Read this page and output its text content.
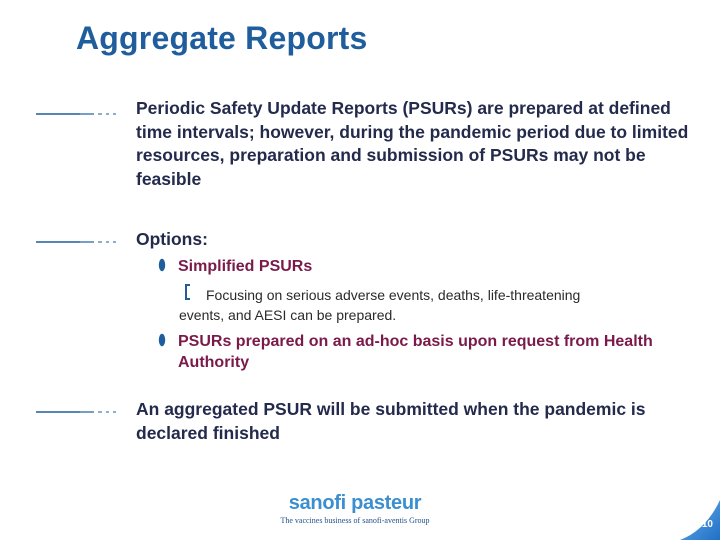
Aggregate Reports

Periodic Safety Update Reports (PSURs) are prepared at defined time intervals; however, during the pandemic period due to limited resources, preparation and submission of PSURs may not be feasible

Options:

Simplified PSURs

Focusing on serious adverse events, deaths, life-threatening
events, and AESI can be prepared.

PSURs prepared on an ad-hoc basis upon request from Health Authority

An aggregated PSUR will be submitted when the pandemic is declared finished

sanofi pasteur
The vaccines business of sanofi-aventis Group	10
